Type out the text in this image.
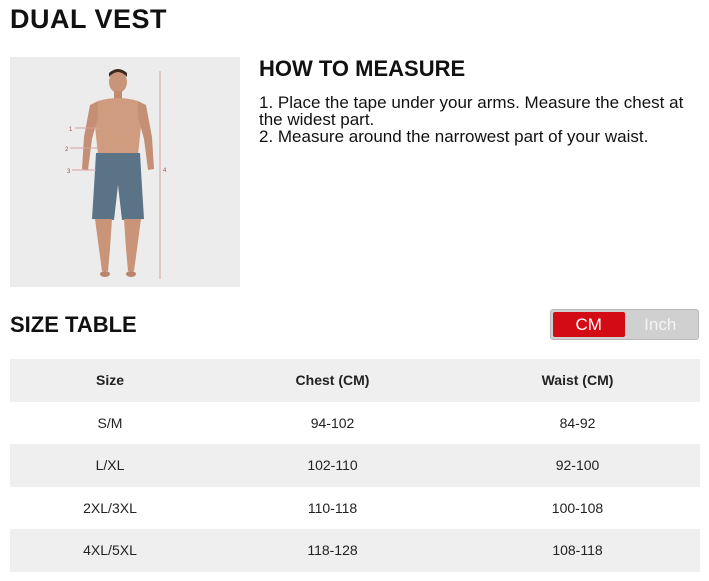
DUAL VEST
1
2
3	4
HOW TO MEASURE
1. Place the tape under your arms. Measure the chest at the widest part.
2. Measure around the narrowest part of your waist.
SIZE TABLE	CM	Inch
Size	Chest (CM)	Waist (CM)
S/M	94-102	84-92
L/XL	102-110	92-100
2XL/3XL	110-118	100-108
4XL/5XL	118-128	108-118
